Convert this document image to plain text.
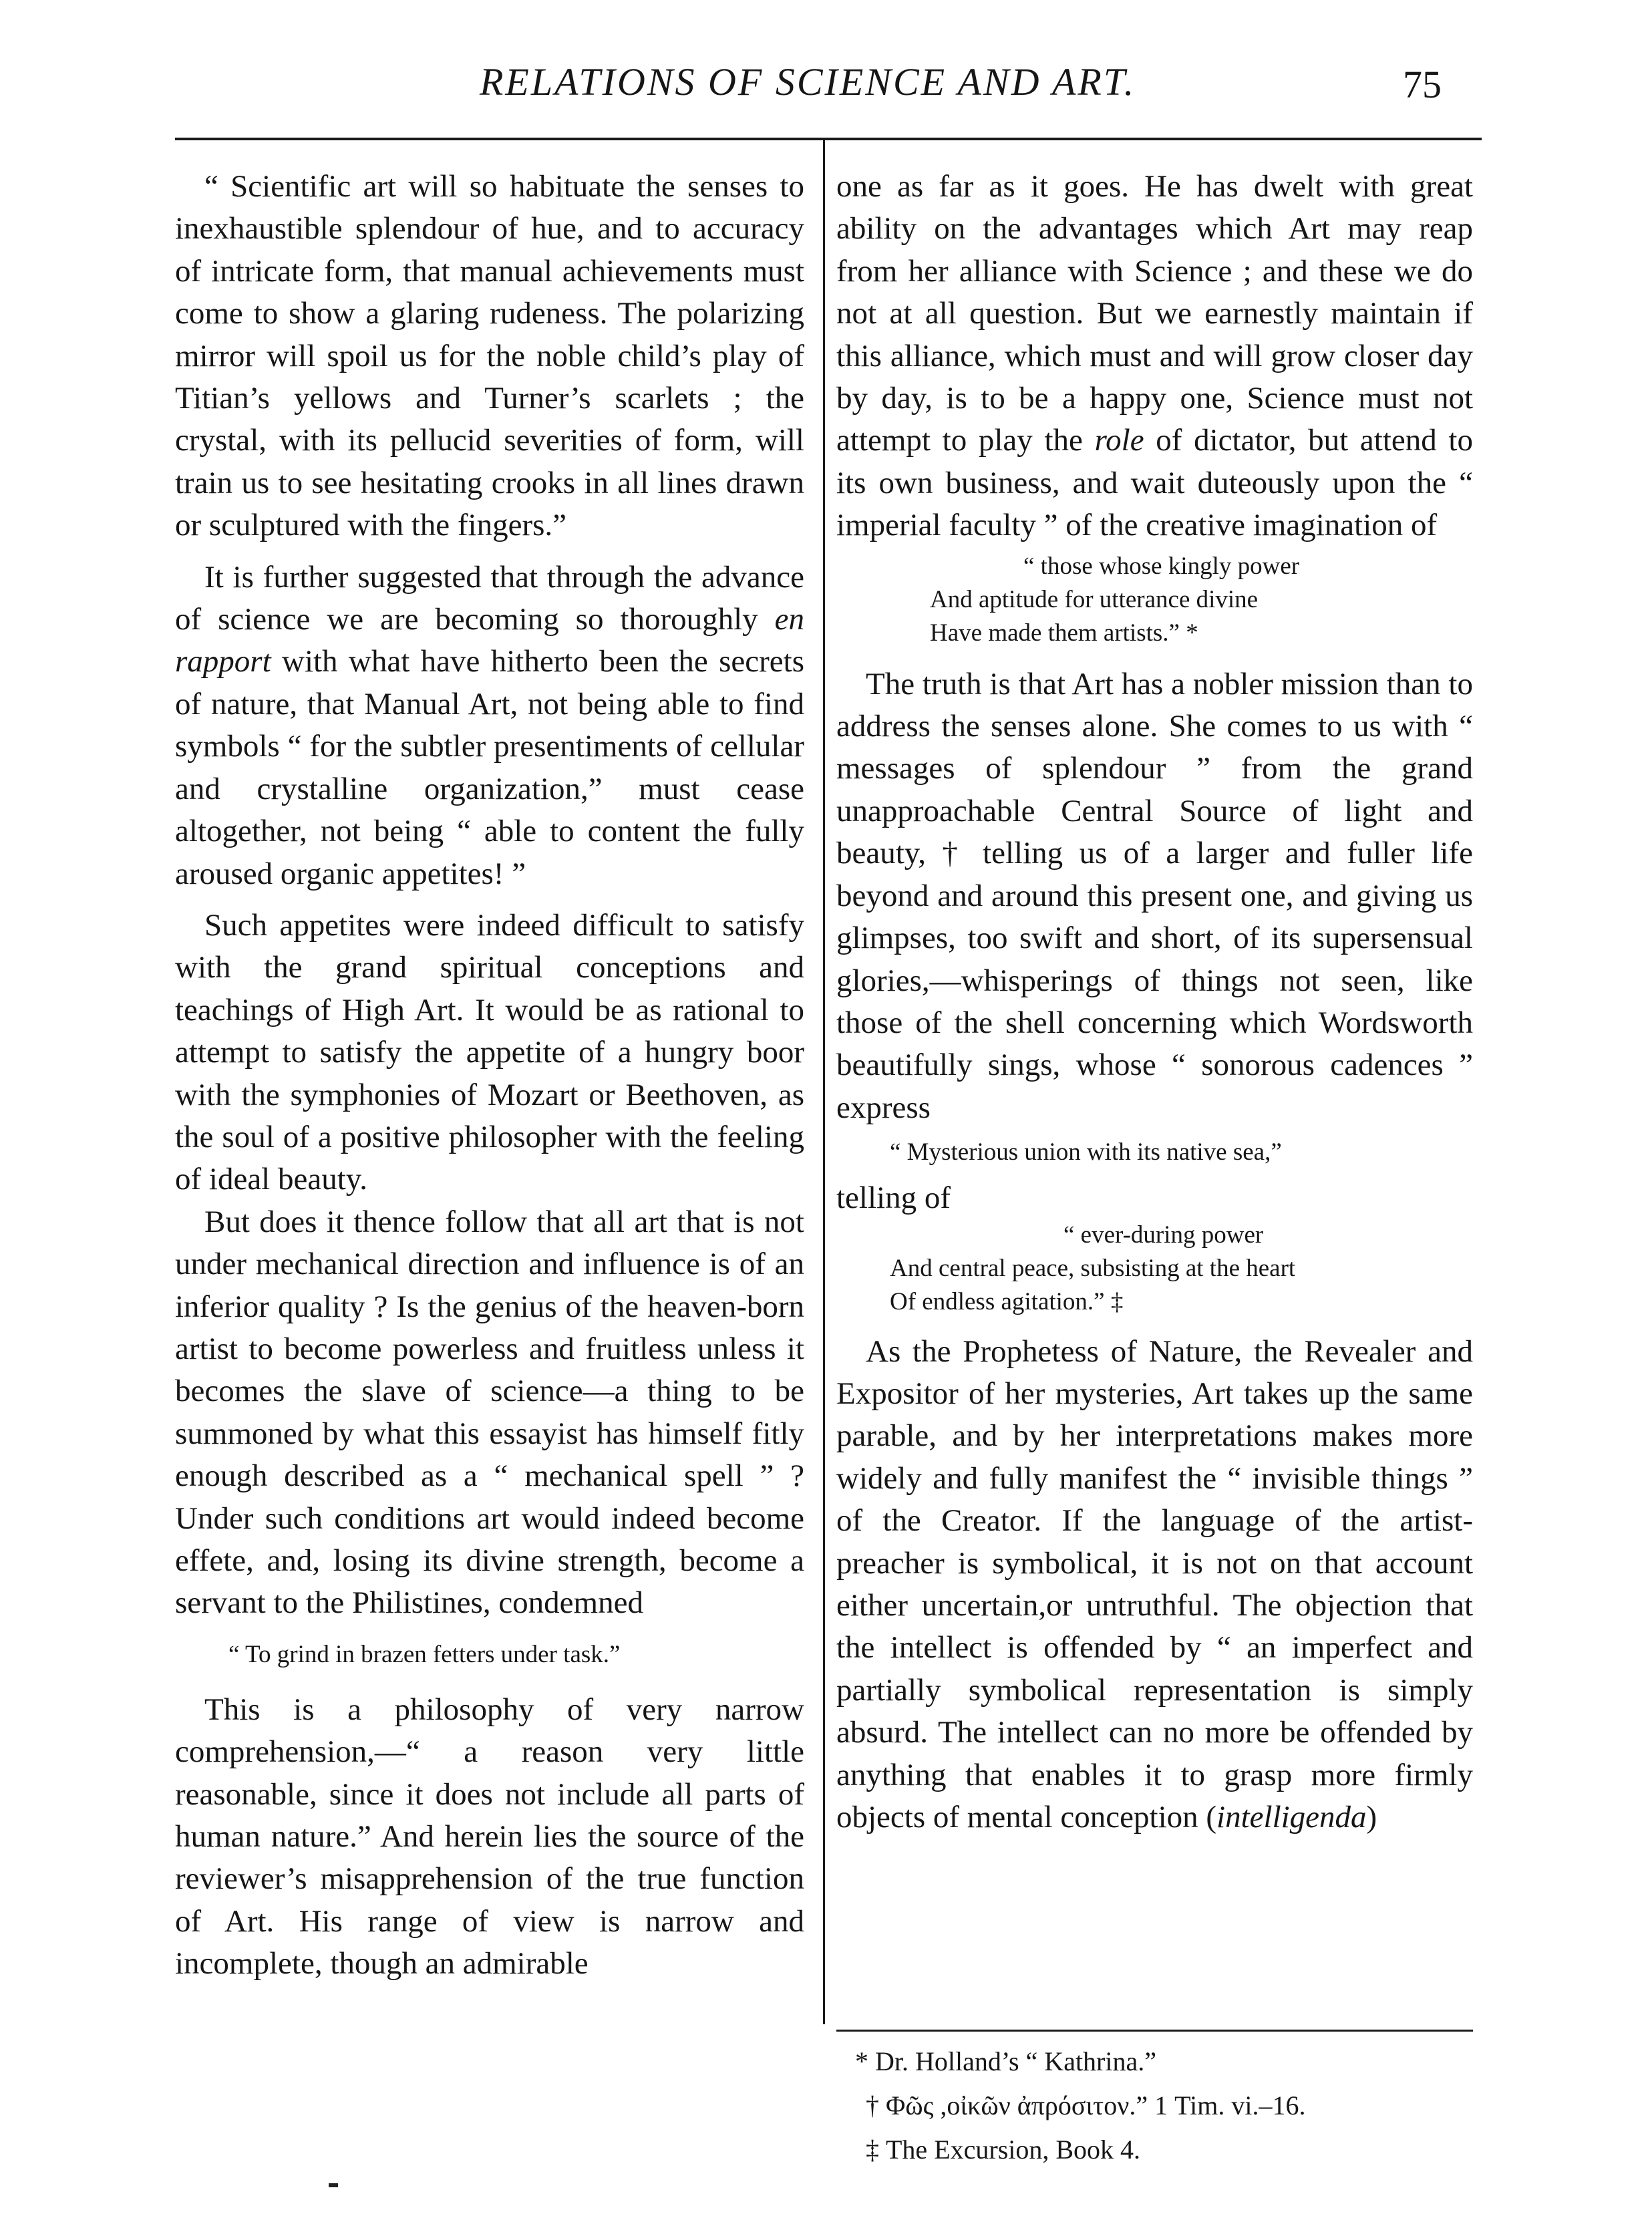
RELATIONS OF SCIENCE AND ART.	75

“ Scientific art will so habituate the senses to inexhaustible splendour of hue, and to accuracy of intricate form, that manual achievements must come to show a glaring rudeness. The polarizing mirror will spoil us for the noble child’s play of Titian’s yellows and Turner’s scarlets ; the crystal, with its pellucid severities of form, will train us to see hesitating crooks in all lines drawn or sculptured with the fingers.”

It is further suggested that through the advance of science we are becoming so thoroughly en rapport with what have hitherto been the secrets of nature, that Manual Art, not being able to find symbols “ for the subtler presentiments of cellular and crystalline organization,” must cease altogether, not being “ able to content the fully aroused organic appetites! ”

Such appetites were indeed difficult to satisfy with the grand spiritual conceptions and teachings of High Art. It would be as rational to attempt to satisfy the appetite of a hungry boor with the symphonies of Mozart or Beethoven, as the soul of a positive philosopher with the feeling of ideal beauty.

But does it thence follow that all art that is not under mechanical direction and influence is of an inferior quality ? Is the genius of the heaven-born artist to become powerless and fruitless unless it becomes the slave of science—a thing to be summoned by what this essayist has himself fitly enough described as a “ mechanical spell ” ? Under such conditions art would indeed become effete, and, losing its divine strength, become a servant to the Philistines, condemned

“ To grind in brazen fetters under task.”

This is a philosophy of very narrow comprehension,—“ a reason very little reasonable, since it does not include all parts of human nature.” And herein lies the source of the reviewer’s misapprehension of the true function of Art. His range of view is narrow and incomplete, though an admirable

one as far as it goes. He has dwelt with great ability on the advantages which Art may reap from her alliance with Science ; and these we do not at all question. But we earnestly maintain if this alliance, which must and will grow closer day by day, is to be a happy one, Science must not attempt to play the role of dictator, but attend to its own business, and wait duteously upon the “ imperial faculty ” of the creative imagination of

“ those whose kingly power
And aptitude for utterance divine
Have made them artists.” *

The truth is that Art has a nobler mission than to address the senses alone. She comes to us with “ messages of splendour ” from the grand unapproachable Central Source of light and beauty, † telling us of a larger and fuller life beyond and around this present one, and giving us glimpses, too swift and short, of its supersensual glories,—whisperings of things not seen, like those of the shell concerning which Wordsworth beautifully sings, whose “ sonorous cadences ” express

“ Mysterious union with its native sea,”

telling of

“ ever-during power
And central peace, subsisting at the heart
Of endless agitation.” ‡

As the Prophetess of Nature, the Revealer and Expositor of her mysteries, Art takes up the same parable, and by her interpretations makes more widely and fully manifest the “ invisible things ” of the Creator. If the language of the artist-preacher is symbolical, it is not on that account either uncertain,or untruthful. The objection that the intellect is offended by “ an imperfect and partially symbolical representation is simply absurd. The intellect can no more be offended by anything that enables it to grasp more firmly objects of mental conception (intelligenda)

* Dr. Holland’s “ Kathrina.”
† Φῶς ,οἰκῶν ἀπρόσιτον.” 1 Tim. vi.–16.
‡ The Excursion, Book 4.
